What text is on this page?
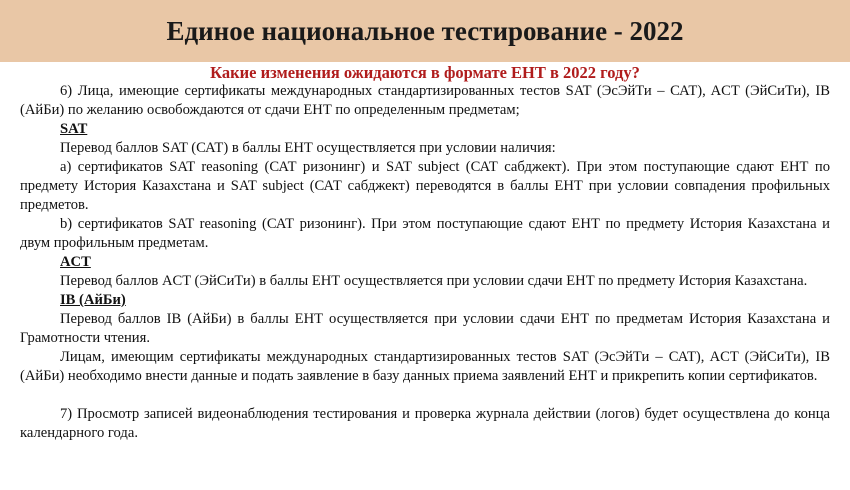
Единое национальное тестирование - 2022
Какие изменения ожидаются в формате ЕНТ в 2022 году?

6) Лица, имеющие сертификаты международных стандартизированных тестов SAT (ЭсЭйТи – САТ), ACT (ЭйСиТи), IB (АйБи) по желанию освобождаются от сдачи ЕНТ по определенным предметам;

SAT

Перевод баллов SAT (САТ) в баллы ЕНТ осуществляется при условии наличия:

а) сертификатов SAT reasoning (САТ ризонинг) и SAT subject (САТ сабджект). При этом поступающие сдают ЕНТ по предмету История Казахстана и SAT subject (САТ сабджект) переводятся в баллы ЕНТ при условии совпадения профильных предметов.

b) сертификатов SAT reasoning (САТ ризонинг). При этом поступающие сдают ЕНТ по предмету История Казахстана и двум профильным предметам.

ACT

Перевод баллов ACT (ЭйСиТи) в баллы ЕНТ осуществляется при условии сдачи ЕНТ по предмету История Казахстана.

IB (АйБи)

Перевод баллов IB (АйБи) в баллы ЕНТ осуществляется при условии сдачи ЕНТ по предметам История Казахстана и Грамотности чтения.

Лицам, имеющим сертификаты международных стандартизированных тестов SAT (ЭсЭйТи – САТ), ACT (ЭйСиТи), IB (АйБи) необходимо внести данные и подать заявление в базу данных приема заявлений ЕНТ и прикрепить копии сертификатов.

7) Просмотр записей видеонаблюдения тестирования и проверка журнала действии (логов) будет осуществлена до конца календарного года.
